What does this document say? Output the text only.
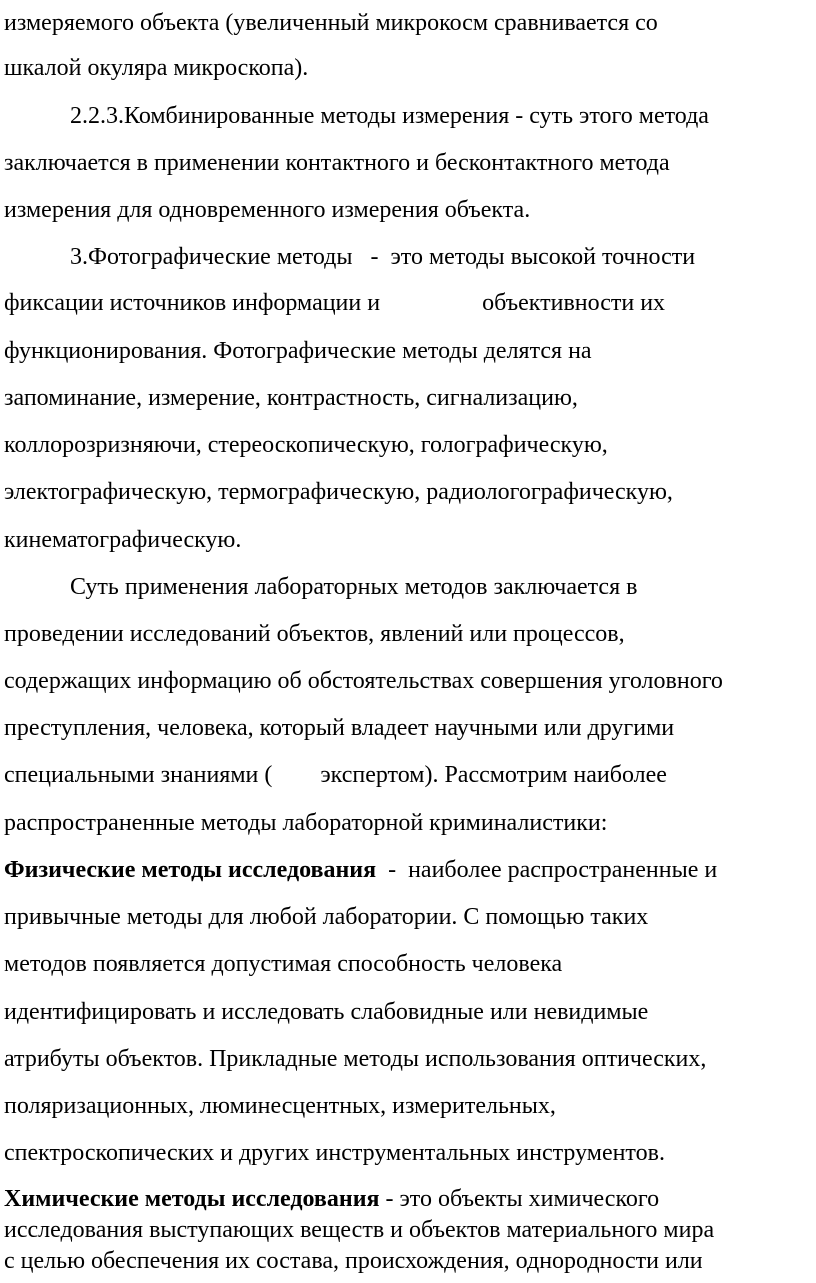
измеряемого объекта (увеличенный микрокосм сравнивается со
шкалой окуляра микроскопа).
2.2.3.Комбинированные методы измерения - суть этого метода
заключается в применении контактного и бесконтактного метода
измерения для одновременного измерения объекта.
3.Фотографические методы   -  это методы высокой точности
фиксации источников информации и                 объективности их
функционирования. Фотографические методы делятся на
запоминание, измерение, контрастность, сигнализацию,
коллорозризняючи, стереоскопическую, голографическую,
электографическую, термографическую, радиологографическую,
кинематографическую.
Суть применения лабораторных методов заключается в
проведении исследований объектов, явлений или процессов,
содержащих информацию об обстоятельствах совершения уголовного
преступления, человека, который владеет научными или другими
специальными знаниями (        экспертом). Рассмотрим наиболее
распространенные методы лабораторной криминалистики:
Физические методы исследования  -  наиболее распространенные и
привычные методы для любой лаборатории. С помощью таких
методов появляется допустимая способность человека
идентифицировать и исследовать слабовидные или невидимые
атрибуты объектов. Прикладные методы использования оптических,
поляризационных, люминесцентных, измерительных,
спектроскопических и других инструментальных инструментов.
Химические методы исследования - это объекты химического
исследования выступающих веществ и объектов материального мира
с целью обеспечения их состава, происхождения, однородности или
